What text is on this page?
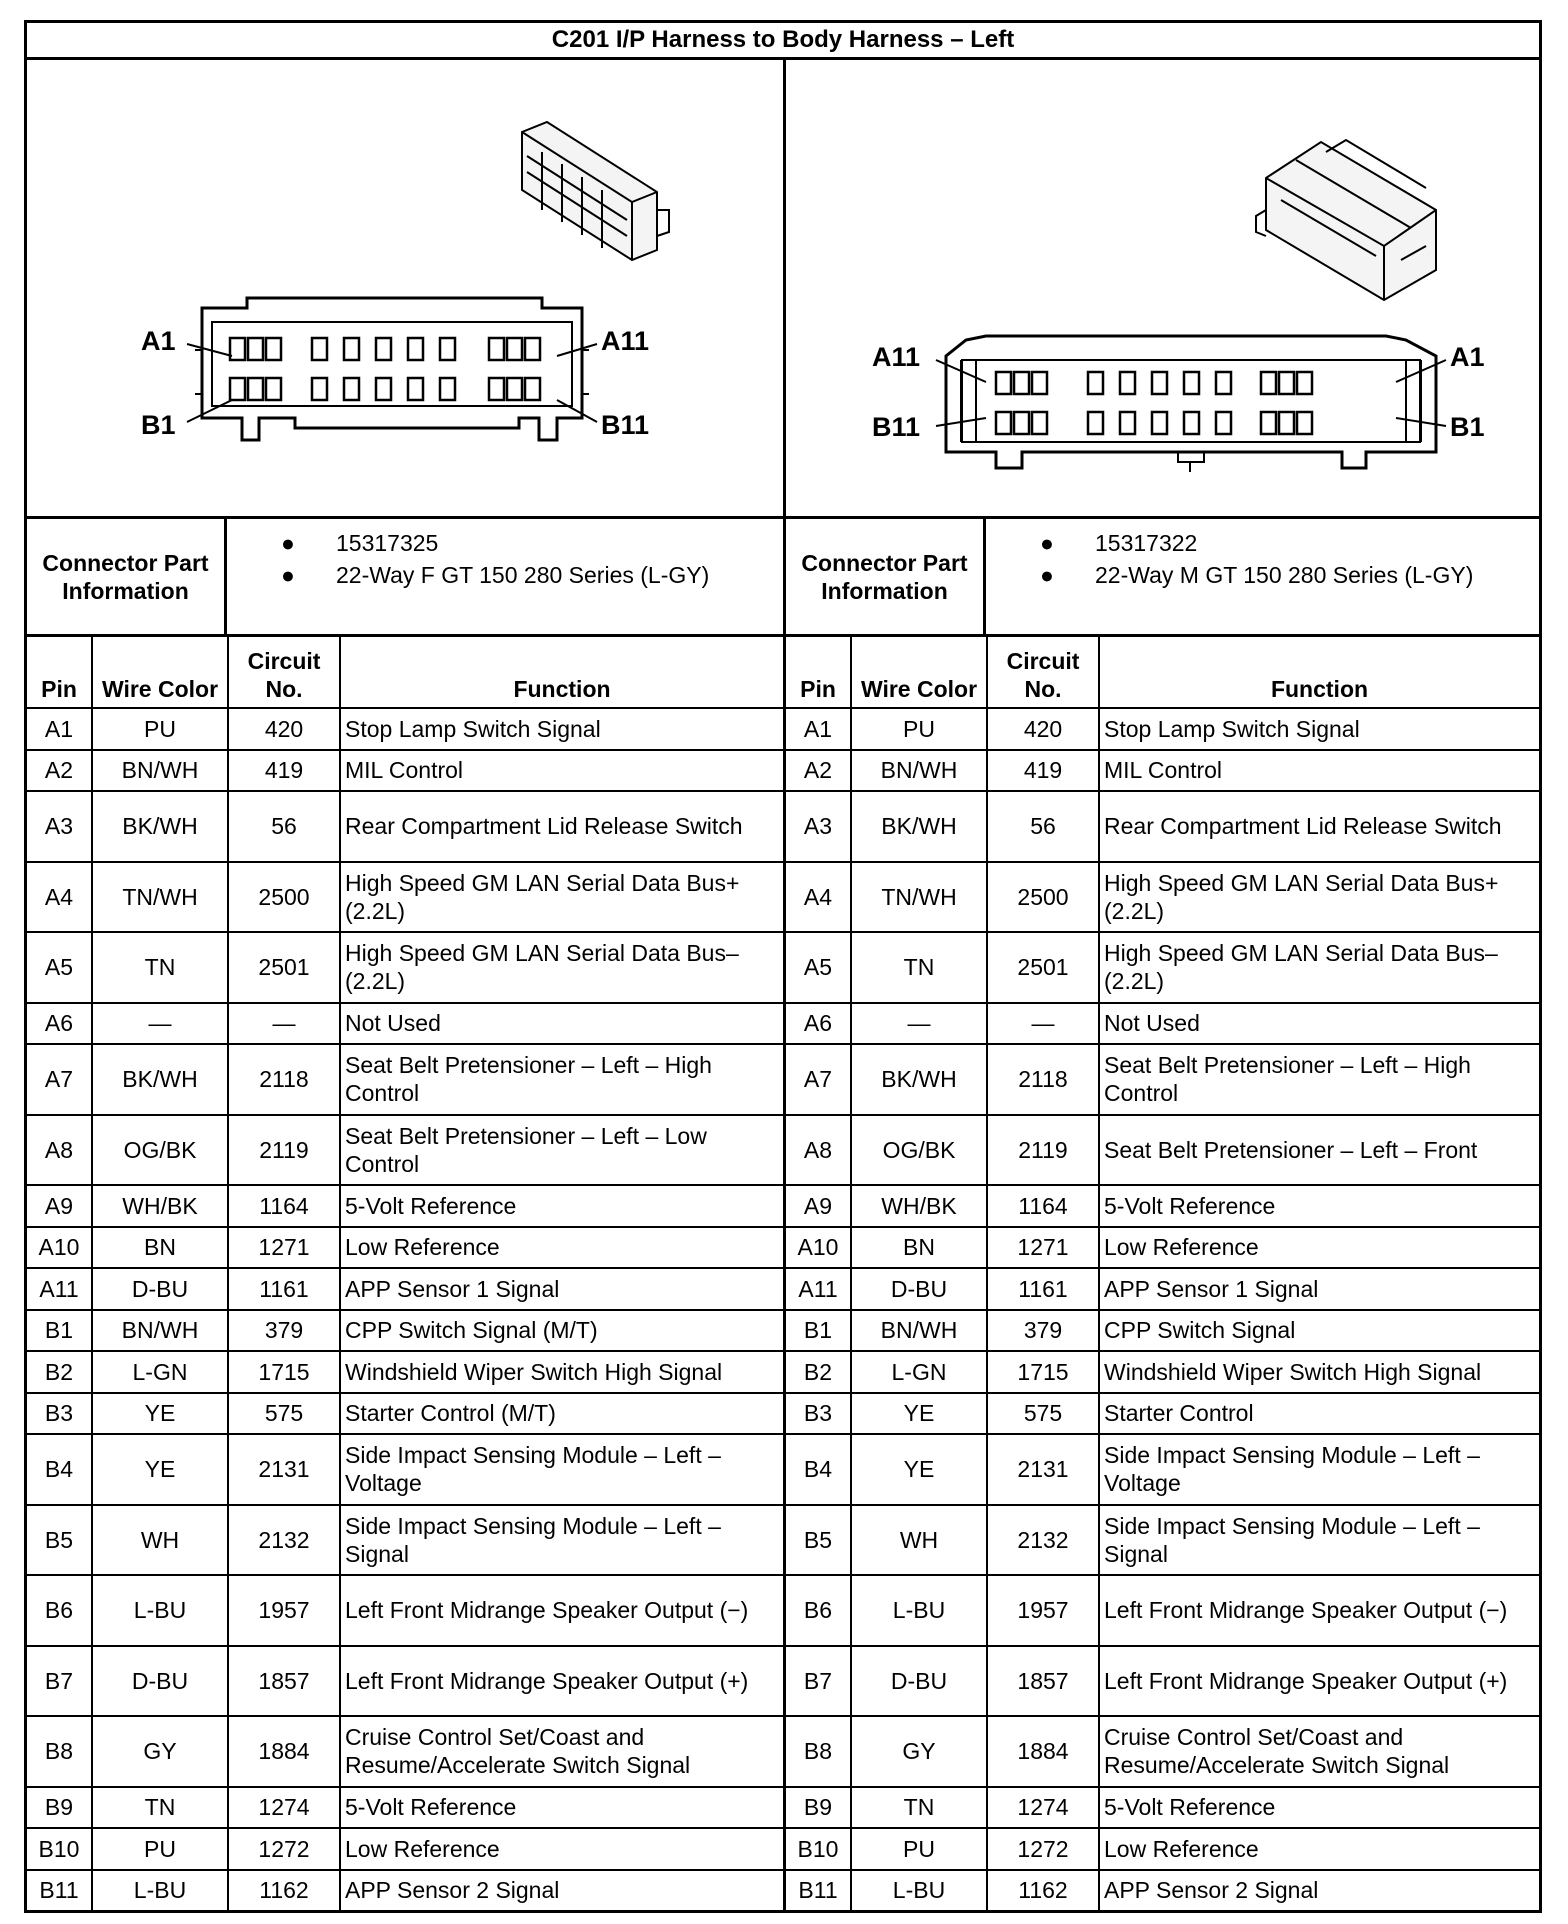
C201 I/P Harness to Body Harness – Left
A1	A11
B1	B11
Connector Part Information
●	15317325
●	22-Way F GT 150 280 Series (L-GY)
Pin	Wire Color	Circuit No.	Function
A1	PU	420	Stop Lamp Switch Signal
A2	BN/WH	419	MIL Control
A3	BK/WH	56	Rear Compartment Lid Release Switch
A4	TN/WH	2500	High Speed GM LAN Serial Data Bus+ (2.2L)
A5	TN	2501	High Speed GM LAN Serial Data Bus– (2.2L)
A6	—	—	Not Used
A7	BK/WH	2118	Seat Belt Pretensioner – Left – High Control
A8	OG/BK	2119	Seat Belt Pretensioner – Left – Low Control
A9	WH/BK	1164	5-Volt Reference
A10	BN	1271	Low Reference
A11	D-BU	1161	APP Sensor 1 Signal
B1	BN/WH	379	CPP Switch Signal (M/T)
B2	L-GN	1715	Windshield Wiper Switch High Signal
B3	YE	575	Starter Control (M/T)
B4	YE	2131	Side Impact Sensing Module – Left – Voltage
B5	WH	2132	Side Impact Sensing Module – Left – Signal
B6	L-BU	1957	Left Front Midrange Speaker Output (−)
B7	D-BU	1857	Left Front Midrange Speaker Output (+)
B8	GY	1884	Cruise Control Set/Coast and Resume/Accelerate Switch Signal
B9	TN	1274	5-Volt Reference
B10	PU	1272	Low Reference
B11	L-BU	1162	APP Sensor 2 Signal
A11	A1
B11	B1
Connector Part Information
●	15317322
●	22-Way M GT 150 280 Series (L-GY)
Pin	Wire Color	Circuit No.	Function
A1	PU	420	Stop Lamp Switch Signal
A2	BN/WH	419	MIL Control
A3	BK/WH	56	Rear Compartment Lid Release Switch
A4	TN/WH	2500	High Speed GM LAN Serial Data Bus+ (2.2L)
A5	TN	2501	High Speed GM LAN Serial Data Bus– (2.2L)
A6	—	—	Not Used
A7	BK/WH	2118	Seat Belt Pretensioner – Left – High Control
A8	OG/BK	2119	Seat Belt Pretensioner – Left – Front
A9	WH/BK	1164	5-Volt Reference
A10	BN	1271	Low Reference
A11	D-BU	1161	APP Sensor 1 Signal
B1	BN/WH	379	CPP Switch Signal
B2	L-GN	1715	Windshield Wiper Switch High Signal
B3	YE	575	Starter Control
B4	YE	2131	Side Impact Sensing Module – Left – Voltage
B5	WH	2132	Side Impact Sensing Module – Left – Signal
B6	L-BU	1957	Left Front Midrange Speaker Output (−)
B7	D-BU	1857	Left Front Midrange Speaker Output (+)
B8	GY	1884	Cruise Control Set/Coast and Resume/Accelerate Switch Signal
B9	TN	1274	5-Volt Reference
B10	PU	1272	Low Reference
B11	L-BU	1162	APP Sensor 2 Signal
